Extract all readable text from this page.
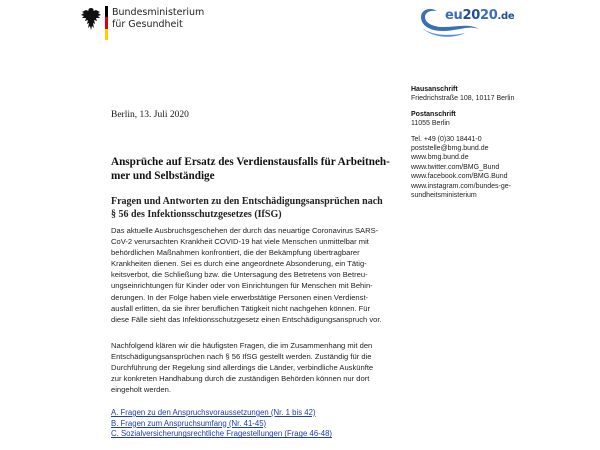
Bundesministerium
für Gesundheit
eu2020.de
Berlin, 13. Juli 2020
Hausanschrift
Friedrichstraße 108, 10117 Berlin
Postanschrift
11055 Berlin
Tel. +49 (0)30 18441-0
poststelle@bmg.bund.de
www.bmg.bund.de
www.twitter.com/BMG_Bund
www.facebook.com/BMG.Bund
www.instagram.com/bundes-ge-
sundheitsministerium
Ansprüche auf Ersatz des Verdienstausfalls für Arbeitneh-
mer und Selbständige
Fragen und Antworten zu den Entschädigungsansprüchen nach
§ 56 des Infektionsschutzgesetzes (IfSG)
Das aktuelle Ausbruchsgeschehen der durch das neuartige Coronavirus SARS-
CoV-2 verursachten Krankheit COVID-19 hat viele Menschen unmittelbar mit
behördlichen Maßnahmen konfrontiert, die der Bekämpfung übertragbarer
Krankheiten dienen. Sei es durch eine angeordnete Absonderung, ein Tätig-
keitsverbot, die Schließung bzw. die Untersagung des Betretens von Betreu-
ungseinrichtungen für Kinder oder von Einrichtungen für Menschen mit Behin-
derungen. In der Folge haben viele erwerbstätige Personen einen Verdienst-
ausfall erlitten, da sie ihrer beruflichen Tätigkeit nicht nachgehen können. Für
diese Fälle sieht das Infektionsschutzgesetz einen Entschädigungsanspruch vor.
Nachfolgend klären wir die häufigsten Fragen, die im Zusammenhang mit den
Entschädigungsansprüchen nach § 56 IfSG gestellt werden. Zuständig für die
Durchführung der Regelung sind allerdings die Länder, verbindliche Auskünfte
zur konkreten Handhabung durch die zuständigen Behörden können nur dort
eingeholt werden.
A. Fragen zu den Anspruchsvoraussetzungen (Nr. 1 bis 42)
B. Fragen zum Anspruchsumfang (Nr. 41-45)
C. Sozialversicherungsrechtliche Fragestellungen (Frage 46-48)
